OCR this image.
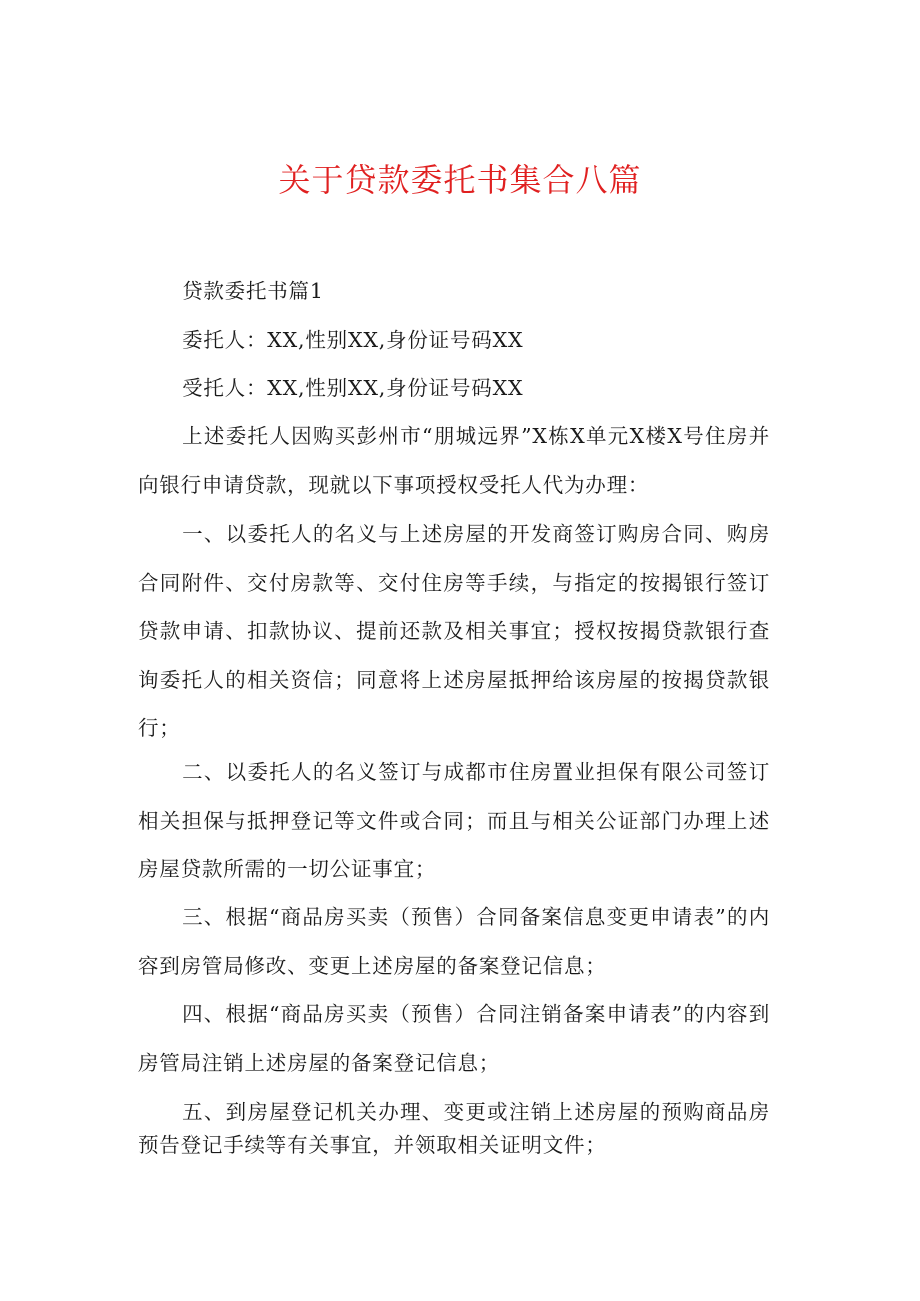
关于贷款委托书集合八篇

贷款委托书篇1

委托人：XX,性别XX,身份证号码XX

受托人：XX,性别XX,身份证号码XX

上述委托人因购买彭州市“朋城远界”X栋X单元X楼X号住房并向银行申请贷款，现就以下事项授权受托人代为办理：

一、以委托人的名义与上述房屋的开发商签订购房合同、购房合同附件、交付房款等、交付住房等手续，与指定的按揭银行签订贷款申请、扣款协议、提前还款及相关事宜；授权按揭贷款银行查询委托人的相关资信；同意将上述房屋抵押给该房屋的按揭贷款银行；

二、以委托人的名义签订与成都市住房置业担保有限公司签订相关担保与抵押登记等文件或合同；而且与相关公证部门办理上述房屋贷款所需的一切公证事宜；

三、根据“商品房买卖（预售）合同备案信息变更申请表”的内容到房管局修改、变更上述房屋的备案登记信息；

四、根据“商品房买卖（预售）合同注销备案申请表”的内容到房管局注销上述房屋的备案登记信息；

五、到房屋登记机关办理、变更或注销上述房屋的预购商品房预告登记手续等有关事宜，并领取相关证明文件；
